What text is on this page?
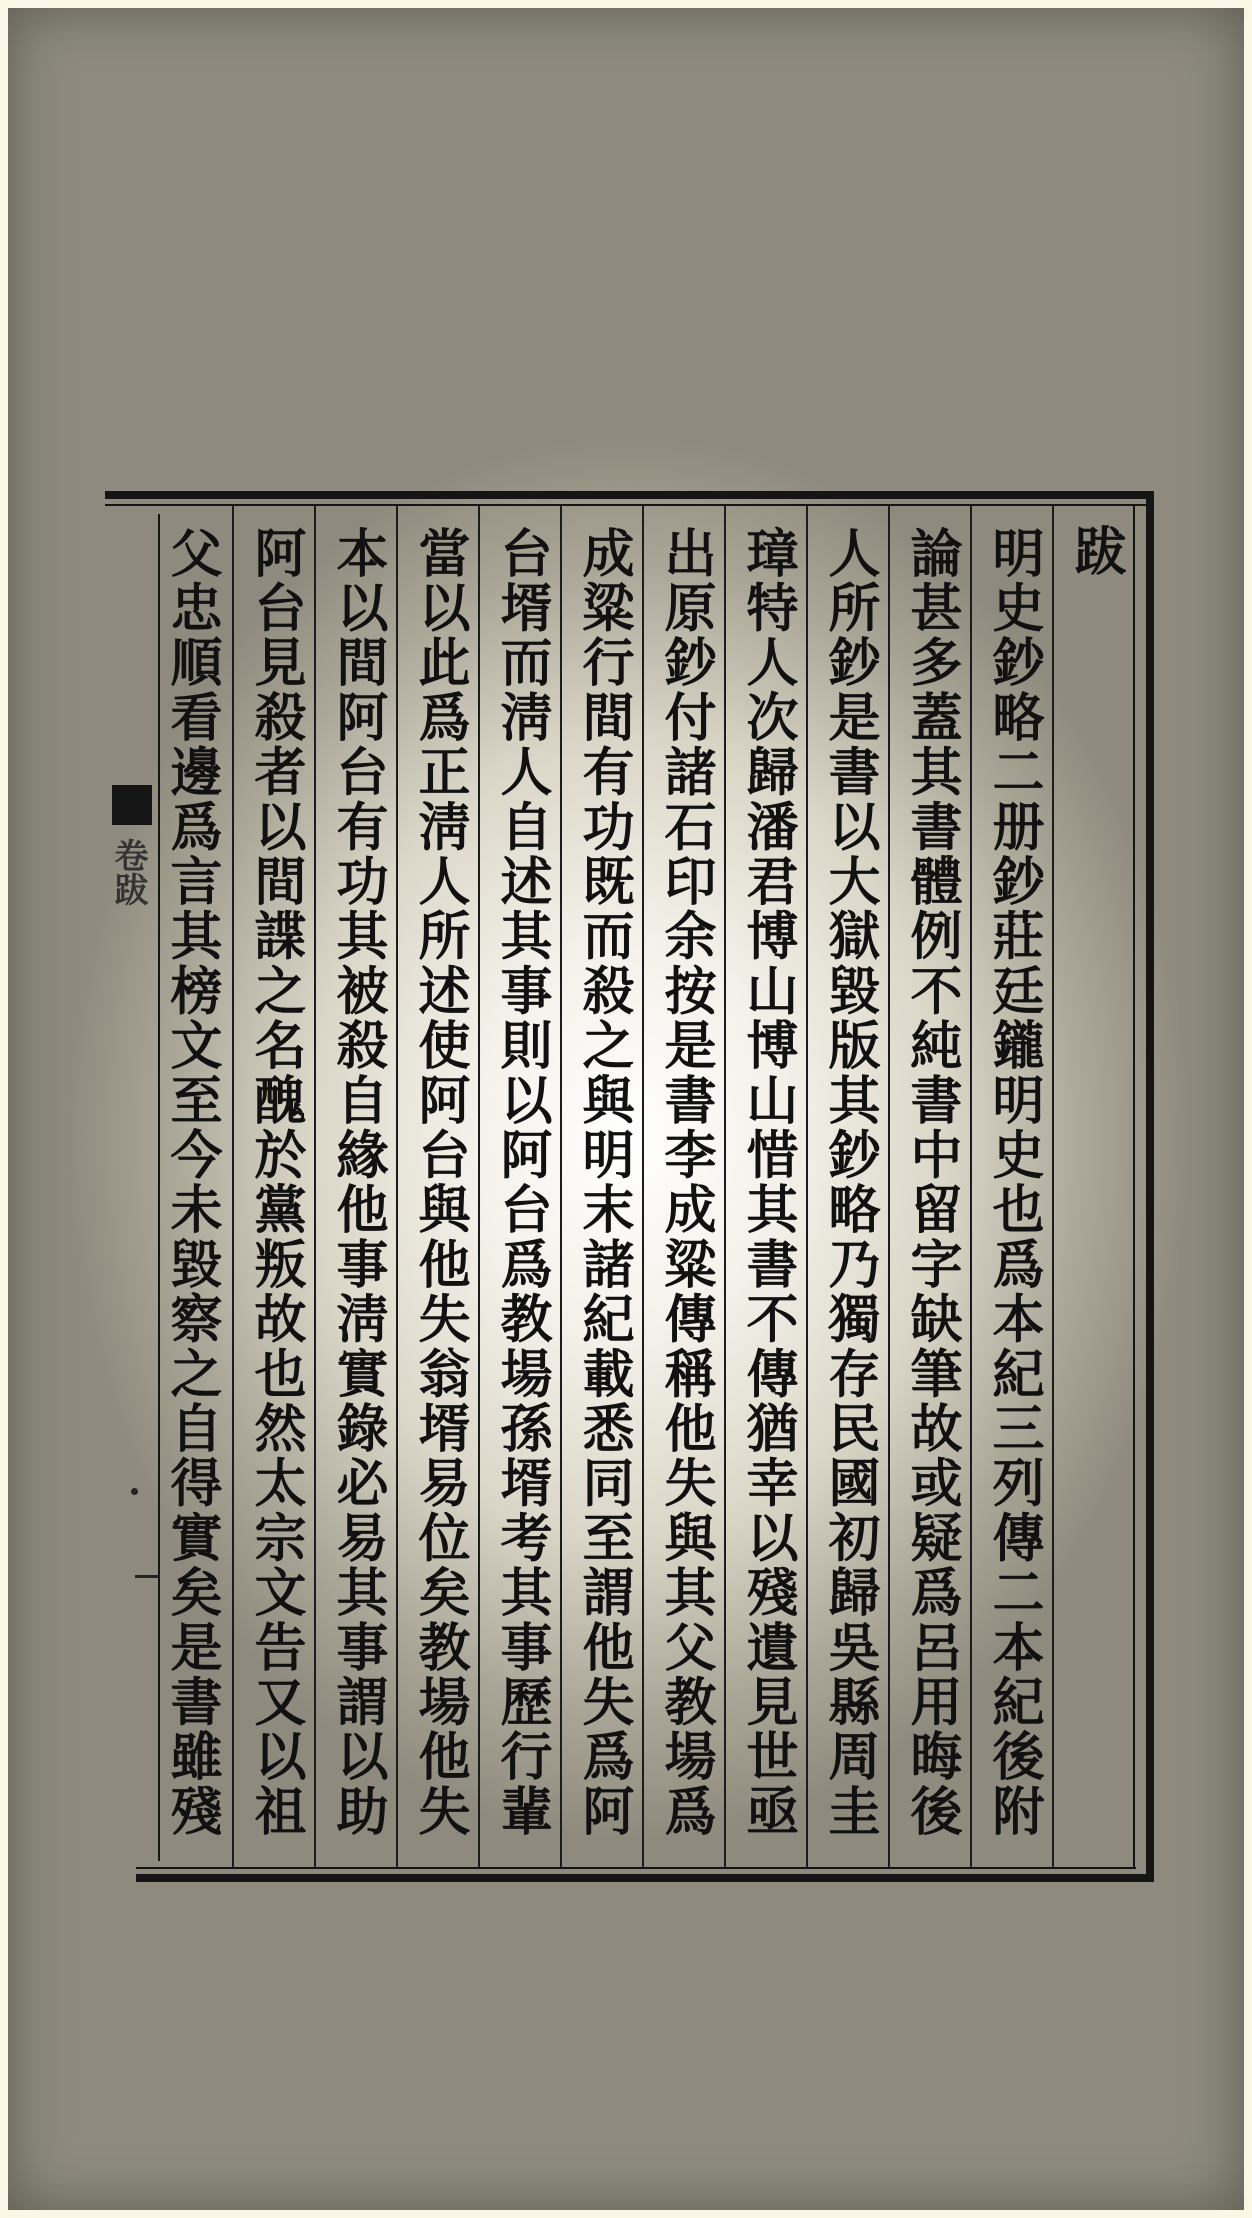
跋
明史鈔略二册鈔莊廷鑨明史也爲本紀三列傳二本紀後附
論甚多蓋其書體例不純書中留字缺筆故或疑爲呂用晦後
人所鈔是書以大獄毀版其鈔略乃獨存民國初歸吳縣周圭
璋特人次歸潘君博山博山惜其書不傳猶幸以殘遺見世亟
出原鈔付諸石印余按是書李成粱傳稱他失與其父教場爲
成粱行間有功既而殺之與明末諸紀載悉同至謂他失爲阿
台壻而淸人自述其事則以阿台爲教場孫壻考其事歷行輩
當以此爲正淸人所述使阿台與他失翁壻易位矣教場他失
本以間阿台有功其被殺自緣他事淸實錄必易其事謂以助
阿台見殺者以間諜之名醜於黨叛故也然太宗文告又以祖
父忠順看邊爲言其榜文至今未毀察之自得實矣是書雖殘
卷跋
